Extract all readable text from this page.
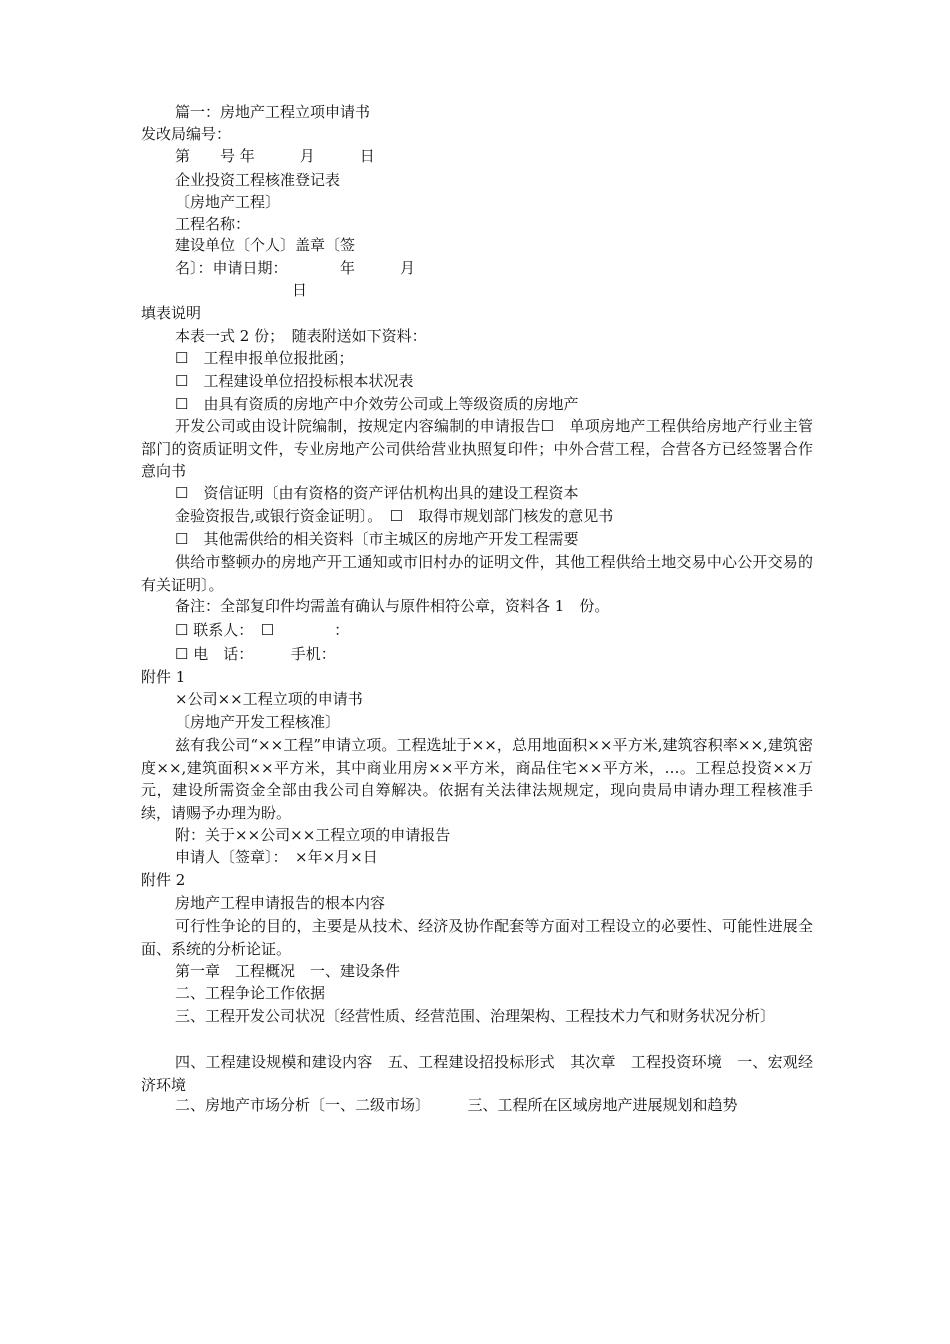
篇一：房地产工程立项申请书
发改局编号：
第　　号 年　　　月　　　日
企业投资工程核准登记表
〔房地产工程〕
工程名称：
建设单位〔个人〕盖章〔签
名〕：申请日期：　　　　年　　　月
日
填表说明
本表一式 2 份；　随表附送如下资料：
☐　工程申报单位报批函；
☐　工程建设单位招投标根本状况表
☐　由具有资质的房地产中介效劳公司或上等级资质的房地产
开发公司或由设计院编制，按规定内容编制的申请报告☐　单项房地产工程供给房地产行业主管部门的资质证明文件，专业房地产公司供给营业执照复印件；中外合营工程，合营各方已经签署合作意向书
☐　资信证明〔由有资格的资产评估机构出具的建设工程资本
金验资报告,或银行资金证明〕。　☐　取得市规划部门核发的意见书
☐　其他需供给的相关资料〔市主城区的房地产开发工程需要
供给市整顿办的房地产开工通知或市旧村办的证明文件，其他工程供给土地交易中心公开交易的有关证明〕。
备注：全部复印件均需盖有确认与原件相符公章，资料各 1　份。
☐ 联系人：　☐　　　　：
☐ 电　话：　　　手机：
附件 1
×公司××工程立项的申请书
〔房地产开发工程核准〕
兹有我公司“××工程”申请立项。工程选址于××，总用地面积××平方米,建筑容积率××,建筑密度××,建筑面积××平方米，其中商业用房××平方米，商品住宅××平方米，…。工程总投资××万元，建设所需资金全部由我公司自筹解决。依据有关法律法规规定，现向贵局申请办理工程核准手续，请赐予办理为盼。
附：关于××公司××工程立项的申请报告
申请人〔签章〕：　×年×月×日
附件 2
房地产工程申请报告的根本内容
可行性争论的目的，主要是从技术、经济及协作配套等方面对工程设立的必要性、可能性进展全面、系统的分析论证。
第一章　工程概况　一、建设条件
二、工程争论工作依据
三、工程开发公司状况〔经营性质、经营范围、治理架构、工程技术力气和财务状况分析〕
四、工程建设规模和建设内容　五、工程建设招投标形式　其次章　工程投资环境　一、宏观经济环境
二、房地产市场分析〔一、二级市场〕　　　三、工程所在区域房地产进展规划和趋势
